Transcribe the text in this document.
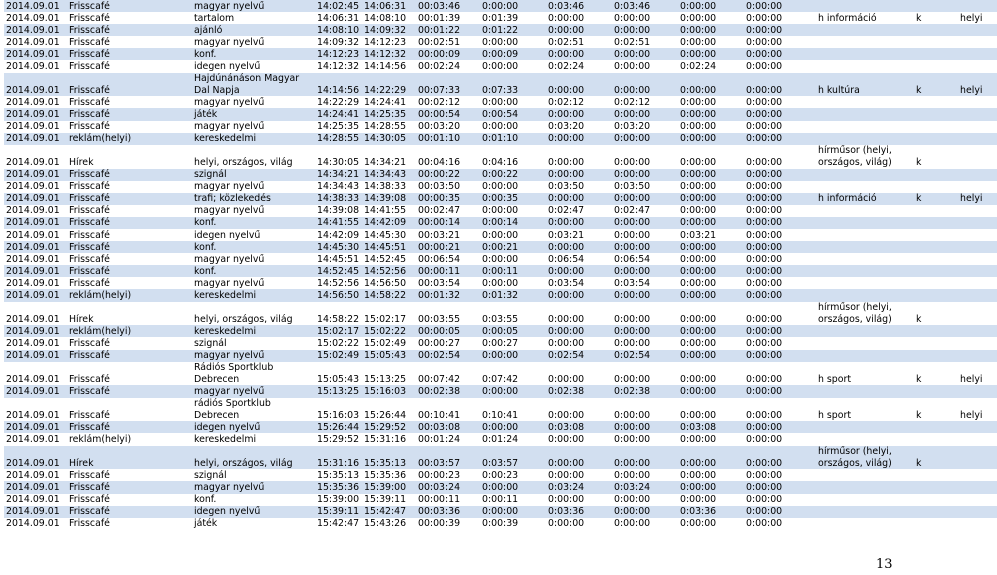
2014.09.01	Frisscafé	magyar nyelvű	14:02:45	14:06:31	00:03:46	0:00:00	0:03:46	0:03:46	0:00:00	0:00:00			
2014.09.01	Frisscafé	tartalom	14:06:31	14:08:10	00:01:39	0:01:39	0:00:00	0:00:00	0:00:00	0:00:00	h információ	k	helyi
2014.09.01	Frisscafé	ajánló	14:08:10	14:09:32	00:01:22	0:01:22	0:00:00	0:00:00	0:00:00	0:00:00			
2014.09.01	Frisscafé	magyar nyelvű	14:09:32	14:12:23	00:02:51	0:00:00	0:02:51	0:02:51	0:00:00	0:00:00			
2014.09.01	Frisscafé	konf.	14:12:23	14:12:32	00:00:09	0:00:09	0:00:00	0:00:00	0:00:00	0:00:00			
2014.09.01	Frisscafé	idegen nyelvű	14:12:32	14:14:56	00:02:24	0:00:00	0:02:24	0:00:00	0:02:24	0:00:00			
2014.09.01	Frisscafé	Hajdúnánáson Magyar Dal Napja	14:14:56	14:22:29	00:07:33	0:07:33	0:00:00	0:00:00	0:00:00	0:00:00	h kultúra	k	helyi
2014.09.01	Frisscafé	magyar nyelvű	14:22:29	14:24:41	00:02:12	0:00:00	0:02:12	0:02:12	0:00:00	0:00:00			
2014.09.01	Frisscafé	játék	14:24:41	14:25:35	00:00:54	0:00:54	0:00:00	0:00:00	0:00:00	0:00:00			
2014.09.01	Frisscafé	magyar nyelvű	14:25:35	14:28:55	00:03:20	0:00:00	0:03:20	0:03:20	0:00:00	0:00:00			
2014.09.01	reklám(helyi)	kereskedelmi	14:28:55	14:30:05	00:01:10	0:01:10	0:00:00	0:00:00	0:00:00	0:00:00			
2014.09.01	Hírek	helyi, országos, világ	14:30:05	14:34:21	00:04:16	0:04:16	0:00:00	0:00:00	0:00:00	0:00:00	hírműsor (helyi, országos, világ)	k	
2014.09.01	Frisscafé	szignál	14:34:21	14:34:43	00:00:22	0:00:22	0:00:00	0:00:00	0:00:00	0:00:00			
2014.09.01	Frisscafé	magyar nyelvű	14:34:43	14:38:33	00:03:50	0:00:00	0:03:50	0:03:50	0:00:00	0:00:00			
2014.09.01	Frisscafé	trafi; közlekedés	14:38:33	14:39:08	00:00:35	0:00:35	0:00:00	0:00:00	0:00:00	0:00:00	h információ	k	helyi
2014.09.01	Frisscafé	magyar nyelvű	14:39:08	14:41:55	00:02:47	0:00:00	0:02:47	0:02:47	0:00:00	0:00:00			
2014.09.01	Frisscafé	konf.	14:41:55	14:42:09	00:00:14	0:00:14	0:00:00	0:00:00	0:00:00	0:00:00			
2014.09.01	Frisscafé	idegen nyelvű	14:42:09	14:45:30	00:03:21	0:00:00	0:03:21	0:00:00	0:03:21	0:00:00			
2014.09.01	Frisscafé	konf.	14:45:30	14:45:51	00:00:21	0:00:21	0:00:00	0:00:00	0:00:00	0:00:00			
2014.09.01	Frisscafé	magyar nyelvű	14:45:51	14:52:45	00:06:54	0:00:00	0:06:54	0:06:54	0:00:00	0:00:00			
2014.09.01	Frisscafé	konf.	14:52:45	14:52:56	00:00:11	0:00:11	0:00:00	0:00:00	0:00:00	0:00:00			
2014.09.01	Frisscafé	magyar nyelvű	14:52:56	14:56:50	00:03:54	0:00:00	0:03:54	0:03:54	0:00:00	0:00:00			
2014.09.01	reklám(helyi)	kereskedelmi	14:56:50	14:58:22	00:01:32	0:01:32	0:00:00	0:00:00	0:00:00	0:00:00			
2014.09.01	Hírek	helyi, országos, világ	14:58:22	15:02:17	00:03:55	0:03:55	0:00:00	0:00:00	0:00:00	0:00:00	hírműsor (helyi, országos, világ)	k	
2014.09.01	reklám(helyi)	kereskedelmi	15:02:17	15:02:22	00:00:05	0:00:05	0:00:00	0:00:00	0:00:00	0:00:00			
2014.09.01	Frisscafé	szignál	15:02:22	15:02:49	00:00:27	0:00:27	0:00:00	0:00:00	0:00:00	0:00:00			
2014.09.01	Frisscafé	magyar nyelvű	15:02:49	15:05:43	00:02:54	0:00:00	0:02:54	0:02:54	0:00:00	0:00:00			
2014.09.01	Frisscafé	Rádiós Sportklub Debrecen	15:05:43	15:13:25	00:07:42	0:07:42	0:00:00	0:00:00	0:00:00	0:00:00	h sport	k	helyi
2014.09.01	Frisscafé	magyar nyelvű	15:13:25	15:16:03	00:02:38	0:00:00	0:02:38	0:02:38	0:00:00	0:00:00			
2014.09.01	Frisscafé	rádiós Sportklub Debrecen	15:16:03	15:26:44	00:10:41	0:10:41	0:00:00	0:00:00	0:00:00	0:00:00	h sport	k	helyi
2014.09.01	Frisscafé	idegen nyelvű	15:26:44	15:29:52	00:03:08	0:00:00	0:03:08	0:00:00	0:03:08	0:00:00			
2014.09.01	reklám(helyi)	kereskedelmi	15:29:52	15:31:16	00:01:24	0:01:24	0:00:00	0:00:00	0:00:00	0:00:00			
2014.09.01	Hírek	helyi, országos, világ	15:31:16	15:35:13	00:03:57	0:03:57	0:00:00	0:00:00	0:00:00	0:00:00	hírműsor (helyi, országos, világ)	k	
2014.09.01	Frisscafé	szignál	15:35:13	15:35:36	00:00:23	0:00:23	0:00:00	0:00:00	0:00:00	0:00:00			
2014.09.01	Frisscafé	magyar nyelvű	15:35:36	15:39:00	00:03:24	0:00:00	0:03:24	0:03:24	0:00:00	0:00:00			
2014.09.01	Frisscafé	konf.	15:39:00	15:39:11	00:00:11	0:00:11	0:00:00	0:00:00	0:00:00	0:00:00			
2014.09.01	Frisscafé	idegen nyelvű	15:39:11	15:42:47	00:03:36	0:00:00	0:03:36	0:00:00	0:03:36	0:00:00			
2014.09.01	Frisscafé	játék	15:42:47	15:43:26	00:00:39	0:00:39	0:00:00	0:00:00	0:00:00	0:00:00			
13
